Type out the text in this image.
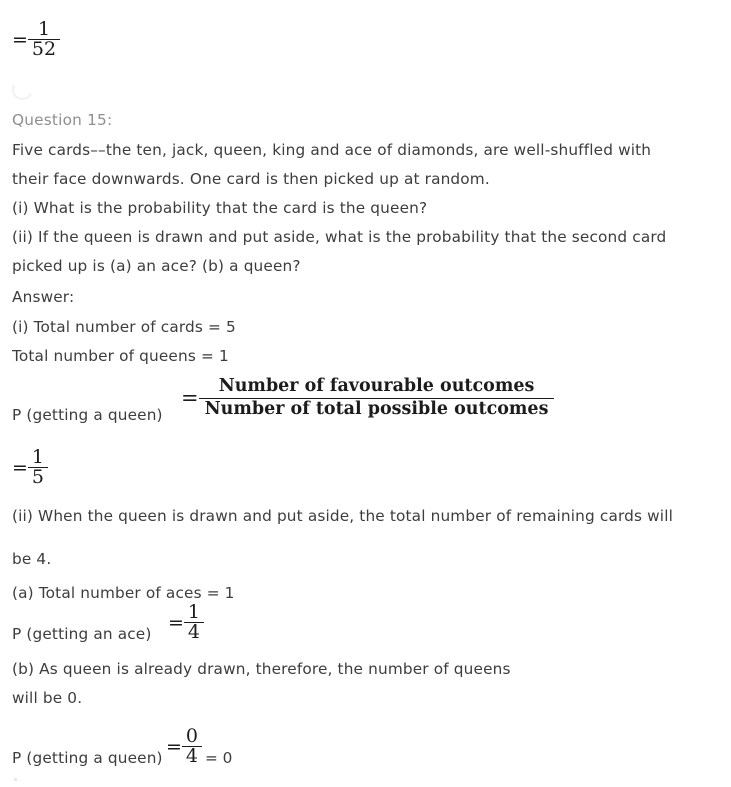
= $\frac{1}{52}$
Question 15:
Five cards––the ten, jack, queen, king and ace of diamonds, are well-shuffled with
their face downwards. One card is then picked up at random.
(i) What is the probability that the card is the queen?
(ii) If the queen is drawn and put aside, what is the probability that the second card
picked up is (a) an ace? (b) a queen?
Answer:
(i) Total number of cards = 5
Total number of queens = 1
P (getting a queen)
= $\frac{\text{Number of favourable outcomes}}{\text{Number of total possible outcomes}}$
= $\frac{1}{5}$
(ii) When the queen is drawn and put aside, the total number of remaining cards will
be 4.
(a) Total number of aces = 1
P (getting an ace)
= $\frac{1}{4}$
(b) As queen is already drawn, therefore, the number of queens
will be 0.
P (getting a queen)
= $\frac{0}{4} = 0$
